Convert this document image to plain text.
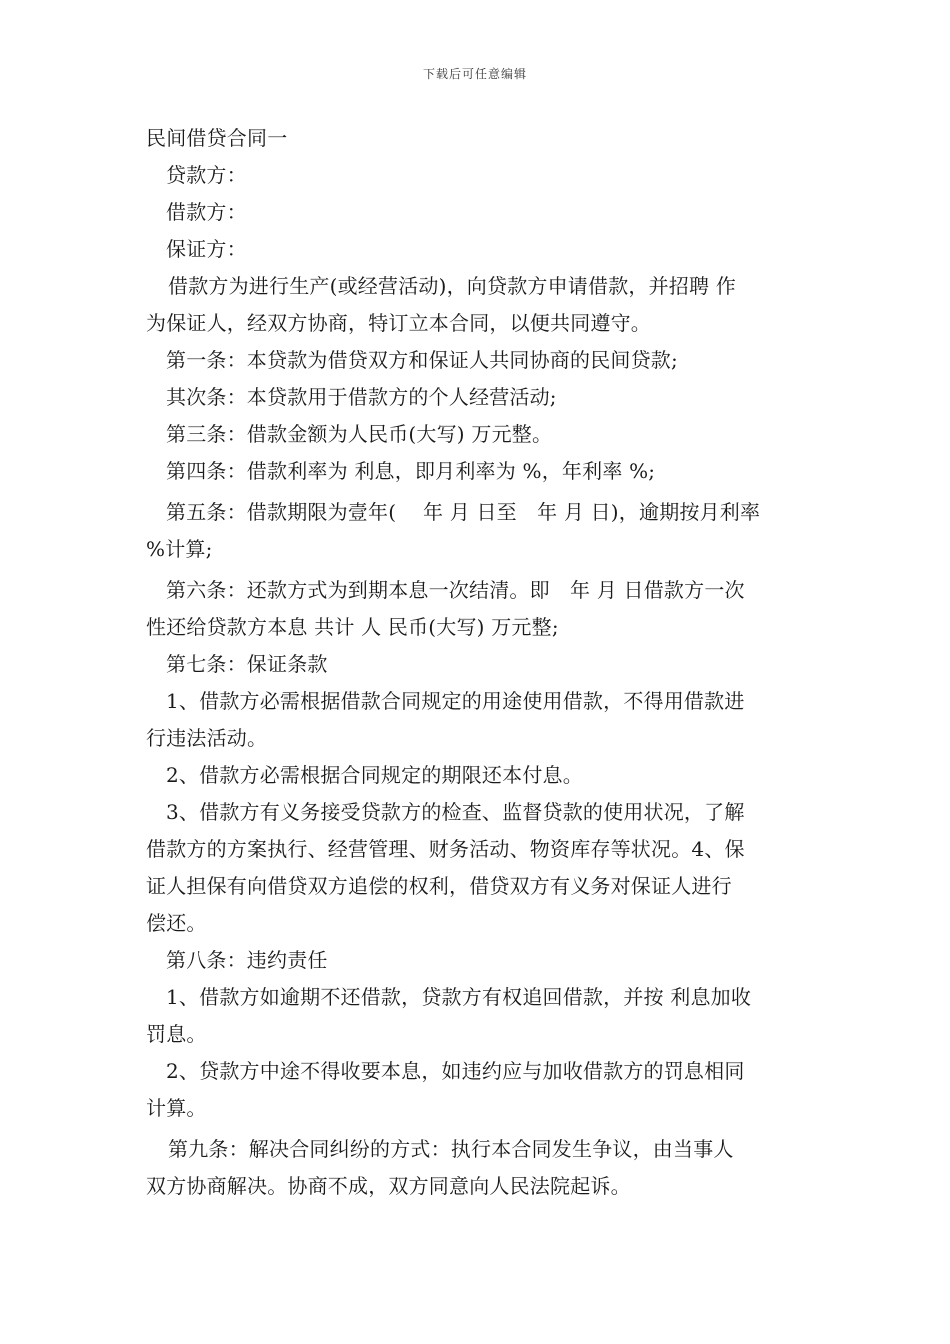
下载后可任意编辑

民间借贷合同一

贷款方：

借款方：

保证方：

借款方为进行生产(或经营活动)，向贷款方申请借款，并招聘 作

为保证人，经双方协商，特订立本合同，以便共同遵守。

第一条：本贷款为借贷双方和保证人共同协商的民间贷款;

其次条：本贷款用于借款方的个人经营活动;

第三条：借款金额为人民币(大写) 万元整。

第四条：借款利率为 利息，即月利率为 %，年利率 %;

第五条：借款期限为壹年(　 年 月 日至　年 月 日)，逾期按月利率

%计算;

第六条：还款方式为到期本息一次结清。即　年 月 日借款方一次

性还给贷款方本息 共计 人 民币(大写) 万元整;

第七条：保证条款

1、借款方必需根据借款合同规定的用途使用借款，不得用借款进

行违法活动。

2、借款方必需根据合同规定的期限还本付息。

3、借款方有义务接受贷款方的检查、监督贷款的使用状况，了解

借款方的方案执行、经营管理、财务活动、物资库存等状况。4、保

证人担保有向借贷双方追偿的权利，借贷双方有义务对保证人进行

偿还。

第八条：违约责任

1、借款方如逾期不还借款，贷款方有权追回借款，并按 利息加收

罚息。

2、贷款方中途不得收要本息，如违约应与加收借款方的罚息相同

计算。

第九条：解决合同纠纷的方式：执行本合同发生争议，由当事人

双方协商解决。协商不成，双方同意向人民法院起诉。
